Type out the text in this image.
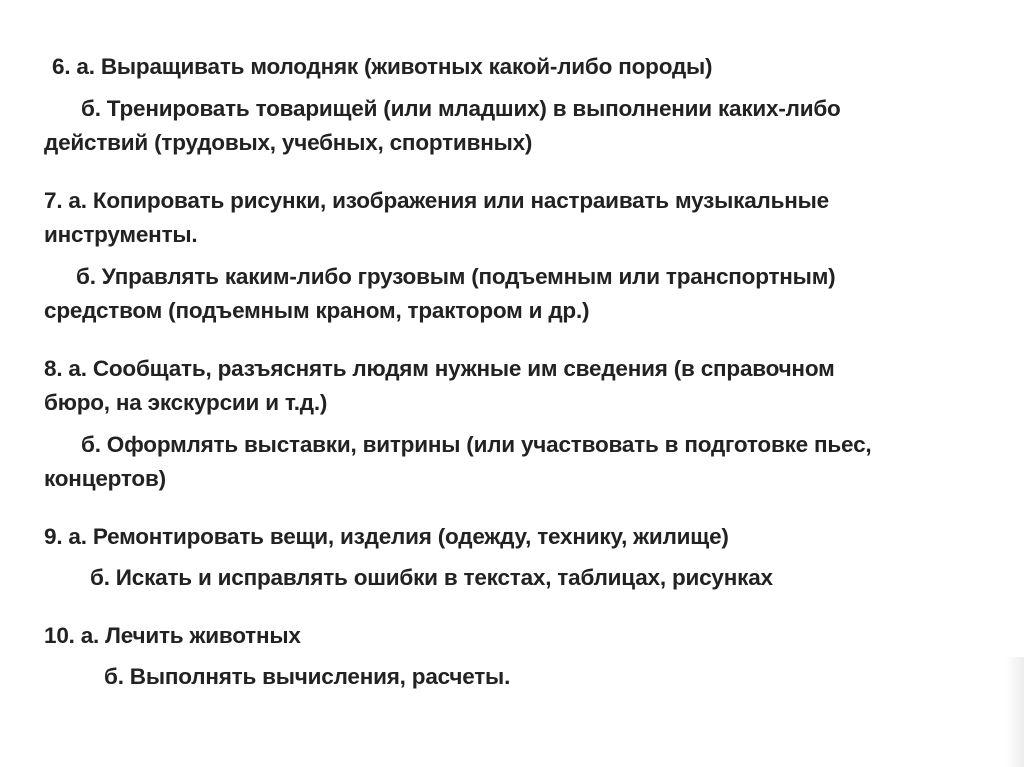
6. а. Выращивать молодняк (животных какой-либо породы)
б. Тренировать товарищей (или младших) в выполнении каких-либо
действий (трудовых, учебных, спортивных)
7. а. Копировать рисунки, изображения или настраивать музыкальные
инструменты.
б. Управлять каким-либо грузовым (подъемным или транспортным)
средством (подъемным краном, трактором и др.)
8. а. Сообщать, разъяснять людям нужные им сведения (в справочном
бюро, на экскурсии и т.д.)
б. Оформлять выставки, витрины (или участвовать в подготовке пьес,
концертов)
9. а. Ремонтировать вещи, изделия (одежду, технику, жилище)
б. Искать и исправлять ошибки в текстах, таблицах, рисунках
10. а. Лечить животных
б. Выполнять вычисления, расчеты.
